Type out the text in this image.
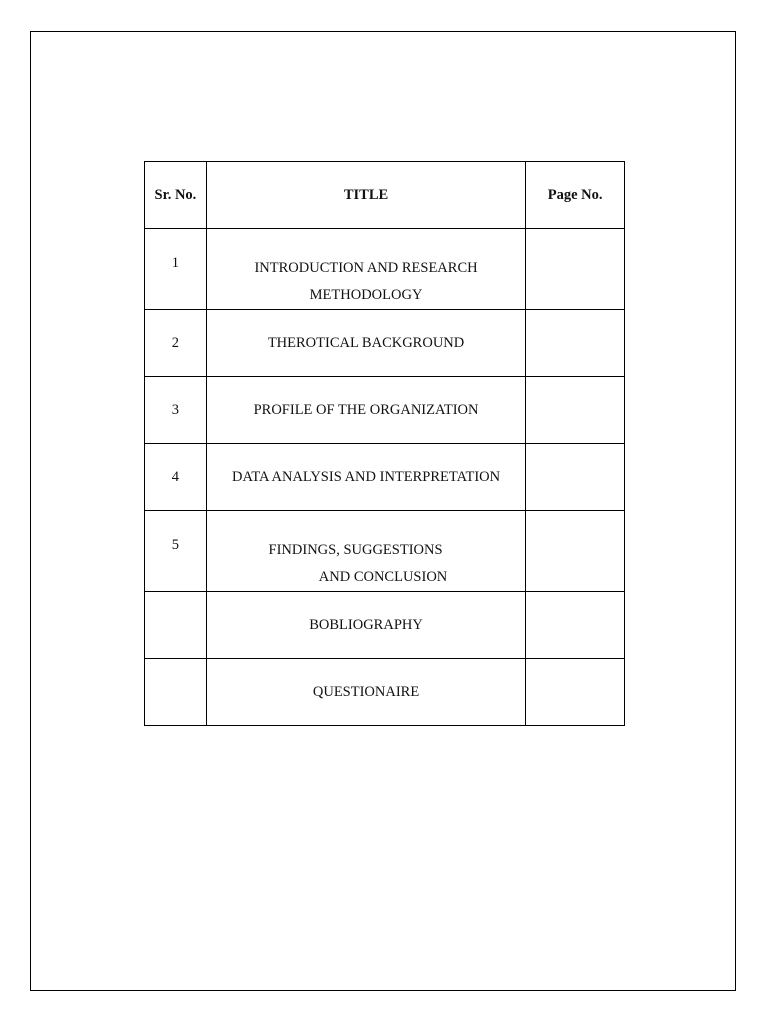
Sr. No.	TITLE	Page No.
1	INTRODUCTION AND RESEARCH
METHODOLOGY	

2	THEROTICAL BACKGROUND	
3	PROFILE OF THE ORGANIZATION	
4	DATA ANALYSIS AND INTERPRETATION	
5	FINDINGS, SUGGESTIONS
AND CONCLUSION	

	BOBLIOGRAPHY	
	QUESTIONAIRE	
